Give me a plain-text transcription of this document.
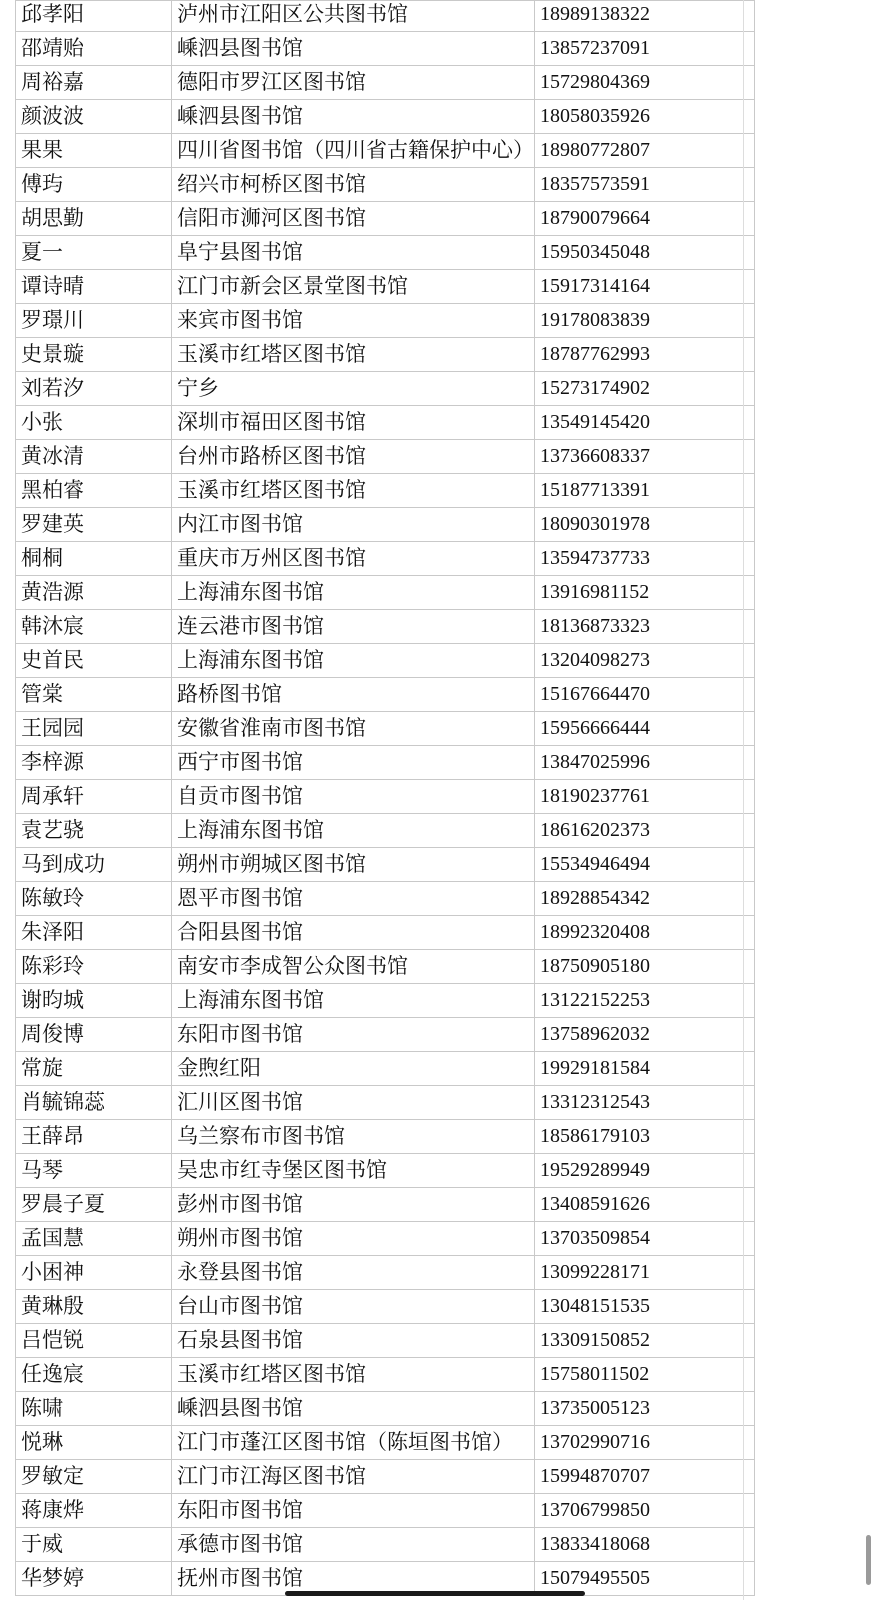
邱孝阳	泸州市江阳区公共图书馆	18989138322
邵靖贻	嵊泗县图书馆	13857237091
周裕嘉	德阳市罗江区图书馆	15729804369
颜波波	嵊泗县图书馆	18058035926
果果	四川省图书馆（四川省古籍保护中心）	18980772807
傅玙	绍兴市柯桥区图书馆	18357573591
胡思勤	信阳市浉河区图书馆	18790079664
夏一	阜宁县图书馆	15950345048
谭诗晴	江门市新会区景堂图书馆	15917314164
罗璟川	来宾市图书馆	19178083839
史景璇	玉溪市红塔区图书馆	18787762993
刘若汐	宁乡	15273174902
小张	深圳市福田区图书馆	13549145420
黄冰清	台州市路桥区图书馆	13736608337
黑柏睿	玉溪市红塔区图书馆	15187713391
罗建英	内江市图书馆	18090301978
桐桐	重庆市万州区图书馆	13594737733
黄浩源	上海浦东图书馆	13916981152
韩沐宸	连云港市图书馆	18136873323
史首民	上海浦东图书馆	13204098273
管棠	路桥图书馆	15167664470
王园园	安徽省淮南市图书馆	15956666444
李梓源	西宁市图书馆	13847025996
周承轩	自贡市图书馆	18190237761
袁艺骁	上海浦东图书馆	18616202373
马到成功	朔州市朔城区图书馆	15534946494
陈敏玲	恩平市图书馆	18928854342
朱泽阳	合阳县图书馆	18992320408
陈彩玲	南安市李成智公众图书馆	18750905180
谢昀城	上海浦东图书馆	13122152253
周俊博	东阳市图书馆	13758962032
常旋	金煦红阳	19929181584
肖毓锦蕊	汇川区图书馆	13312312543
王薛昂	乌兰察布市图书馆	18586179103
马琴	吴忠市红寺堡区图书馆	19529289949
罗晨子夏	彭州市图书馆	13408591626
孟国慧	朔州市图书馆	13703509854
小困神	永登县图书馆	13099228171
黄琳殷	台山市图书馆	13048151535
吕恺锐	石泉县图书馆	13309150852
任逸宸	玉溪市红塔区图书馆	15758011502
陈啸	嵊泗县图书馆	13735005123
悦琳	江门市蓬江区图书馆（陈垣图书馆）	13702990716
罗敏定	江门市江海区图书馆	15994870707
蒋康烨	东阳市图书馆	13706799850
于威	承德市图书馆	13833418068
华梦婷	抚州市图书馆	15079495505
